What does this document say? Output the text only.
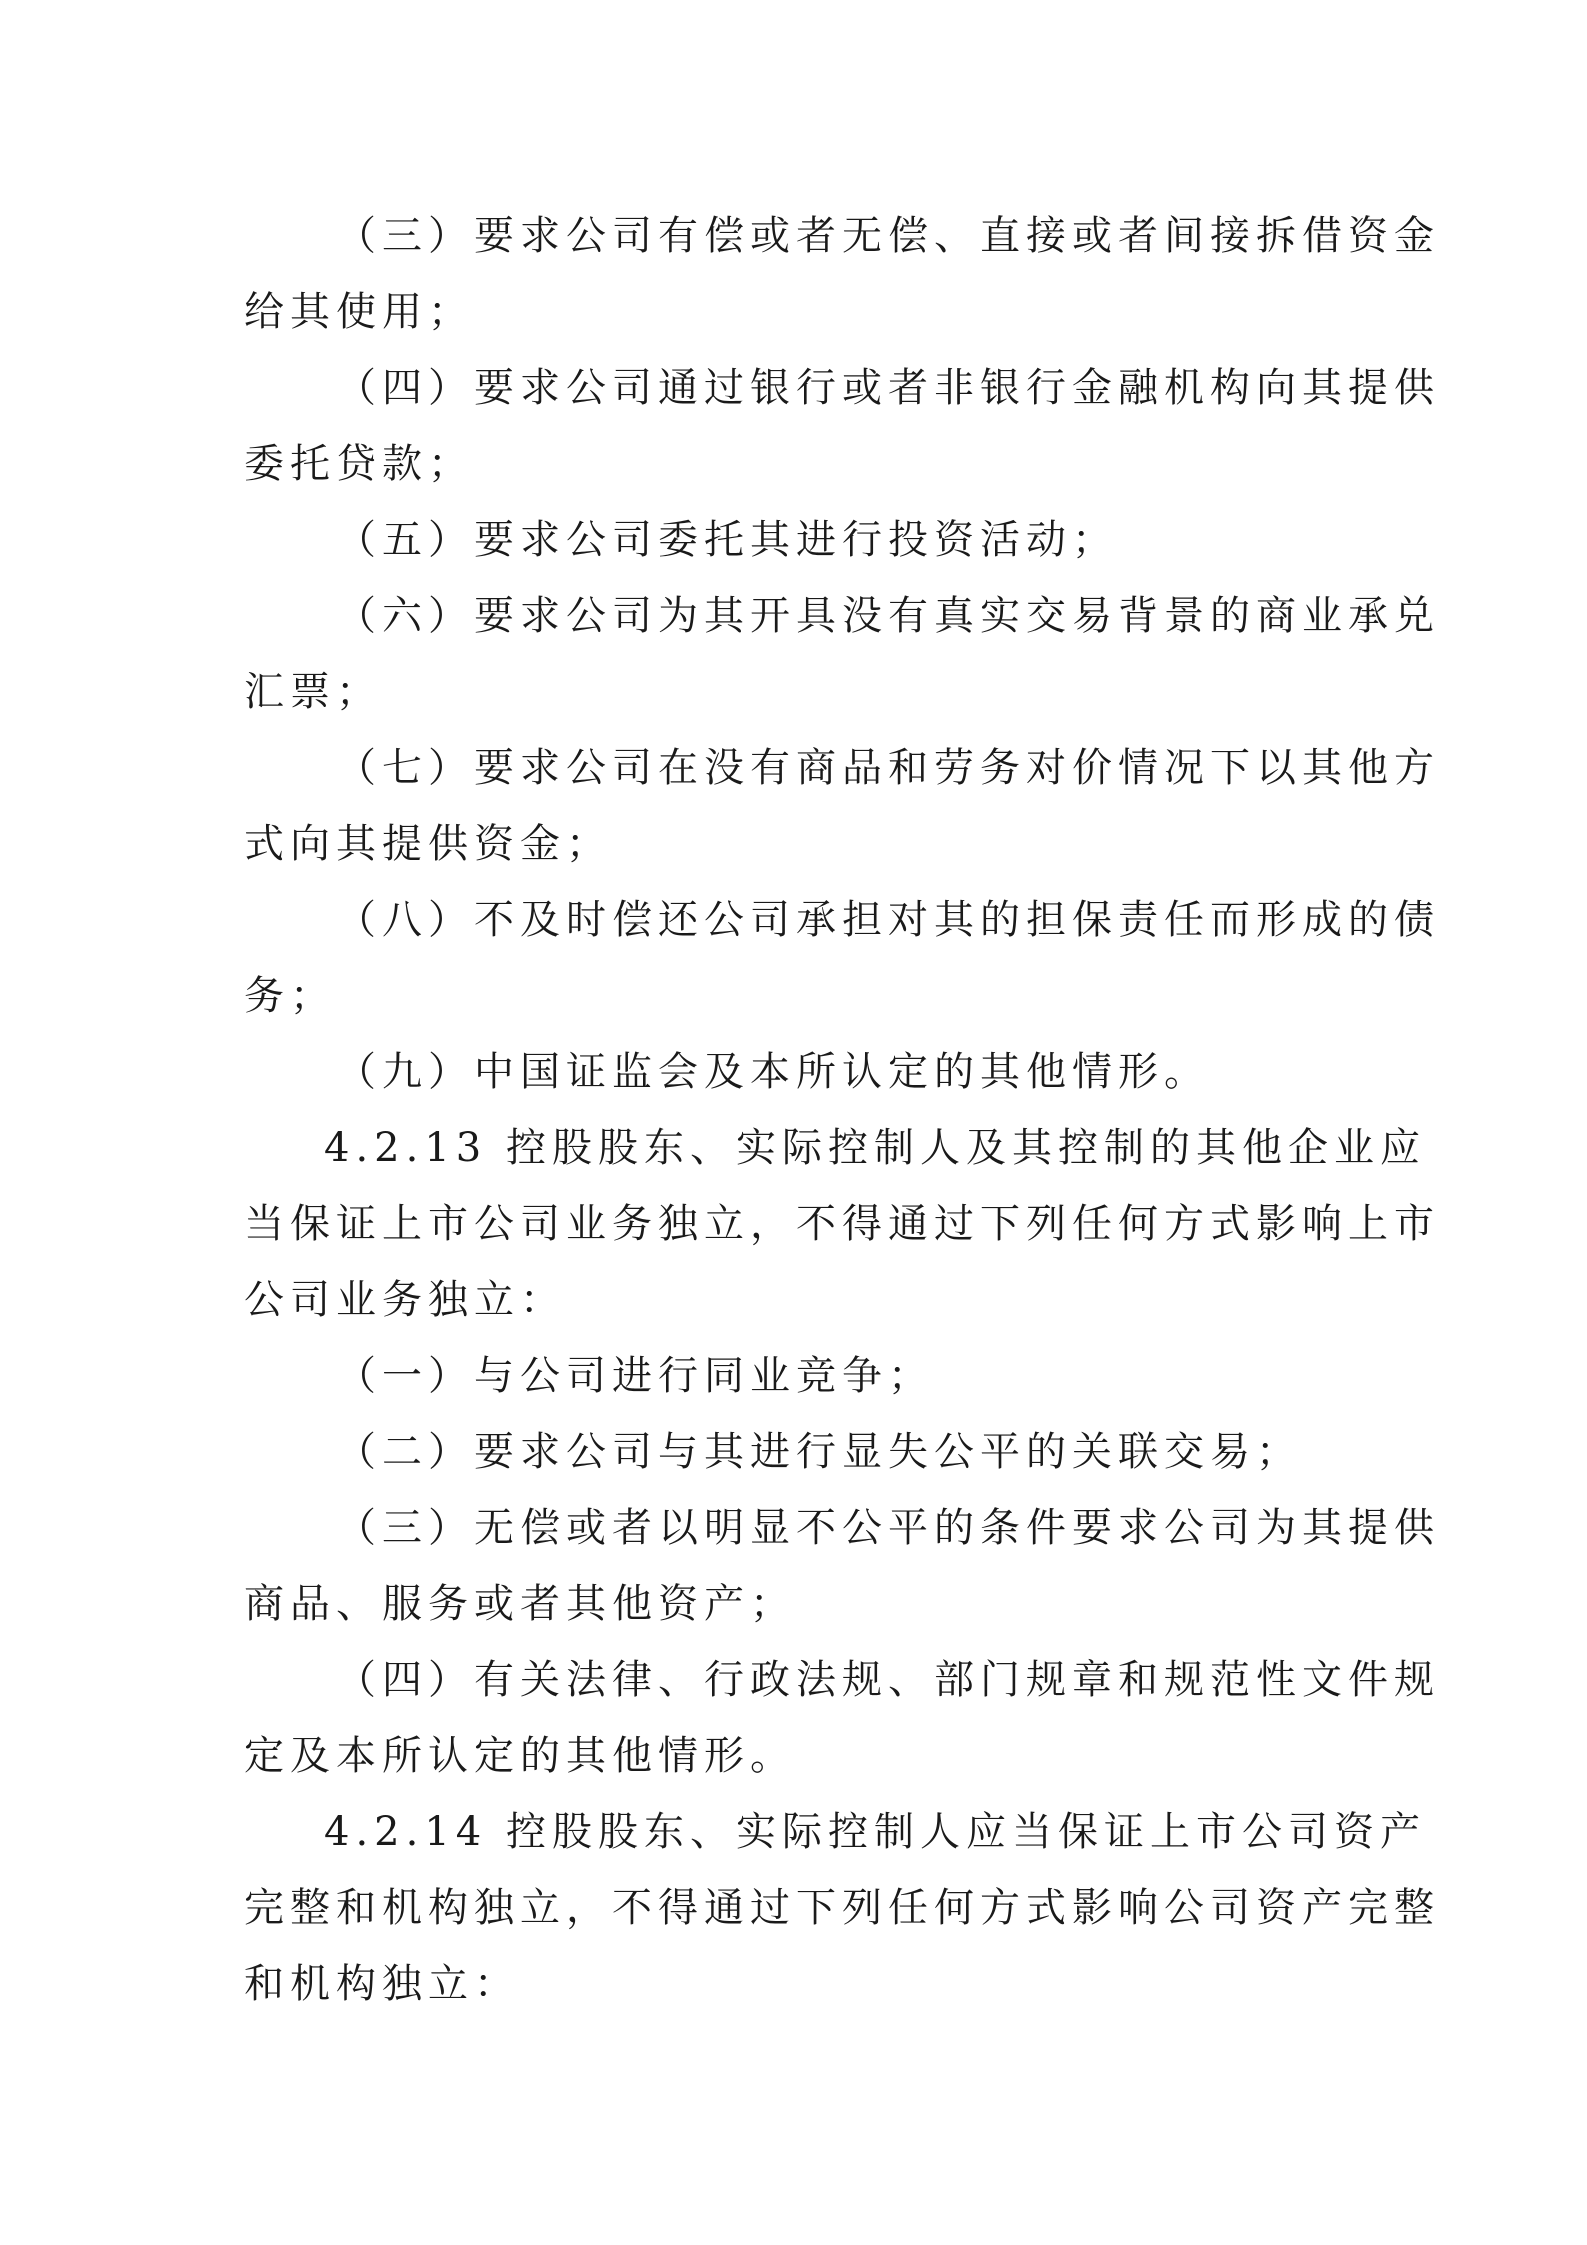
（三）要求公司有偿或者无偿、直接或者间接拆借资金
给其使用；
（四）要求公司通过银行或者非银行金融机构向其提供
委托贷款；
（五）要求公司委托其进行投资活动；
（六）要求公司为其开具没有真实交易背景的商业承兑
汇票；
（七）要求公司在没有商品和劳务对价情况下以其他方
式向其提供资金；
（八）不及时偿还公司承担对其的担保责任而形成的债
务；
（九）中国证监会及本所认定的其他情形。
4.2.13 控股股东、实际控制人及其控制的其他企业应
当保证上市公司业务独立，不得通过下列任何方式影响上市
公司业务独立：
（一）与公司进行同业竞争；
（二）要求公司与其进行显失公平的关联交易；
（三）无偿或者以明显不公平的条件要求公司为其提供
商品、服务或者其他资产；
（四）有关法律、行政法规、部门规章和规范性文件规
定及本所认定的其他情形。
4.2.14 控股股东、实际控制人应当保证上市公司资产
完整和机构独立，不得通过下列任何方式影响公司资产完整
和机构独立：
